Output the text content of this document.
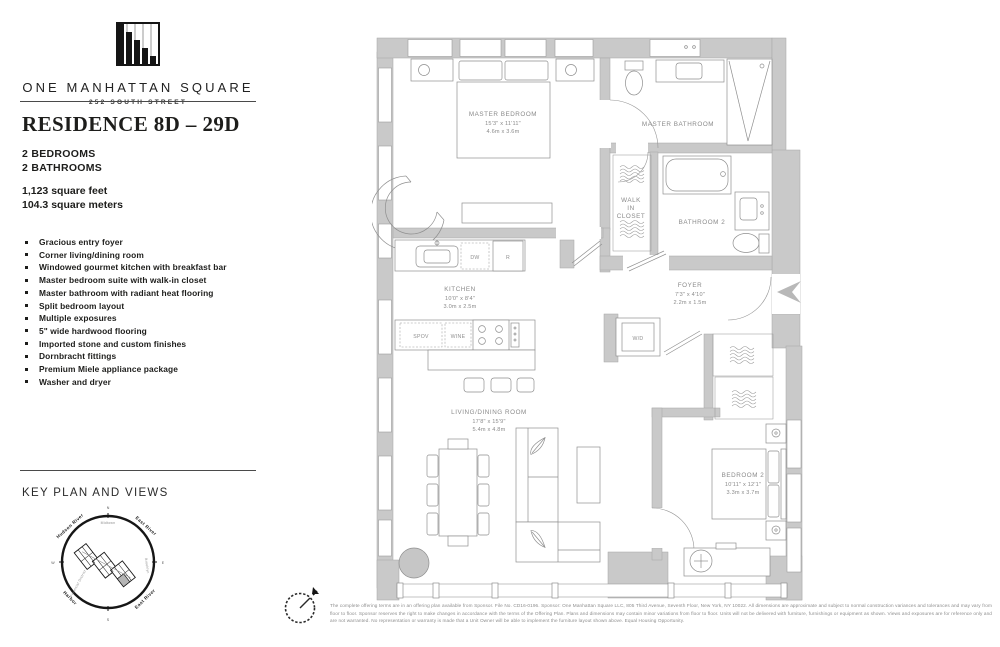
ONE MANHATTAN SQUARE
252 SOUTH STREET
RESIDENCE 8D – 29D
2 BEDROOMS
2 BATHROOMS
1,123 square feet
104.3 square meters
Gracious entry foyer
Corner living/dining room
Windowed gourmet kitchen with breakfast bar
Master bedroom suite with walk-in closet
Master bathroom with radiant heat flooring
Split bedroom layout
Multiple exposures
5" wide hardwood flooring
Imported stone and custom finishes
Dornbracht fittings
Premium Miele appliance package
Washer and dryer
KEY PLAN AND VIEWS
N
S
W	E
Hudson River	East River
Brooklyn
East River
Harbor
Midtown
Financial District
MASTER BEDROOM
15'3" x 11'11"
4.6m x 3.6m
MASTER BATHROOM
WALK
IN
CLOSET
BATHROOM 2
KITCHEN
10'0" x 8'4"
3.0m x 2.5m
FOYER
7'3" x 4'10"
2.2m x 1.5m
LIVING/DINING ROOM
17'8" x 15'9"
5.4m x 4.8m
BEDROOM 2
10'11" x 12'1"
3.3m x 3.7m
DW	R
SPOV	WINE	W/D
The complete offering terms are in an offering plan available from Sponsor. File No. CD16-0196. Sponsor: One Manhattan Square LLC, 805 Third Avenue, Seventh Floor, New York, NY 10022. All dimensions are approximate and subject to normal construction variances and tolerances and may vary from floor to floor. Sponsor reserves the right to make changes in accordance with the terms of the Offering Plan. Plans and dimensions may contain minor variations from floor to floor. Units will not be delivered with furniture, furnishings or equipment as shown. Views and exposures are for reference only and are not warranted. No representation or warranty is made that a Unit Owner will be able to implement the furniture layout shown above. Equal Housing Opportunity.
